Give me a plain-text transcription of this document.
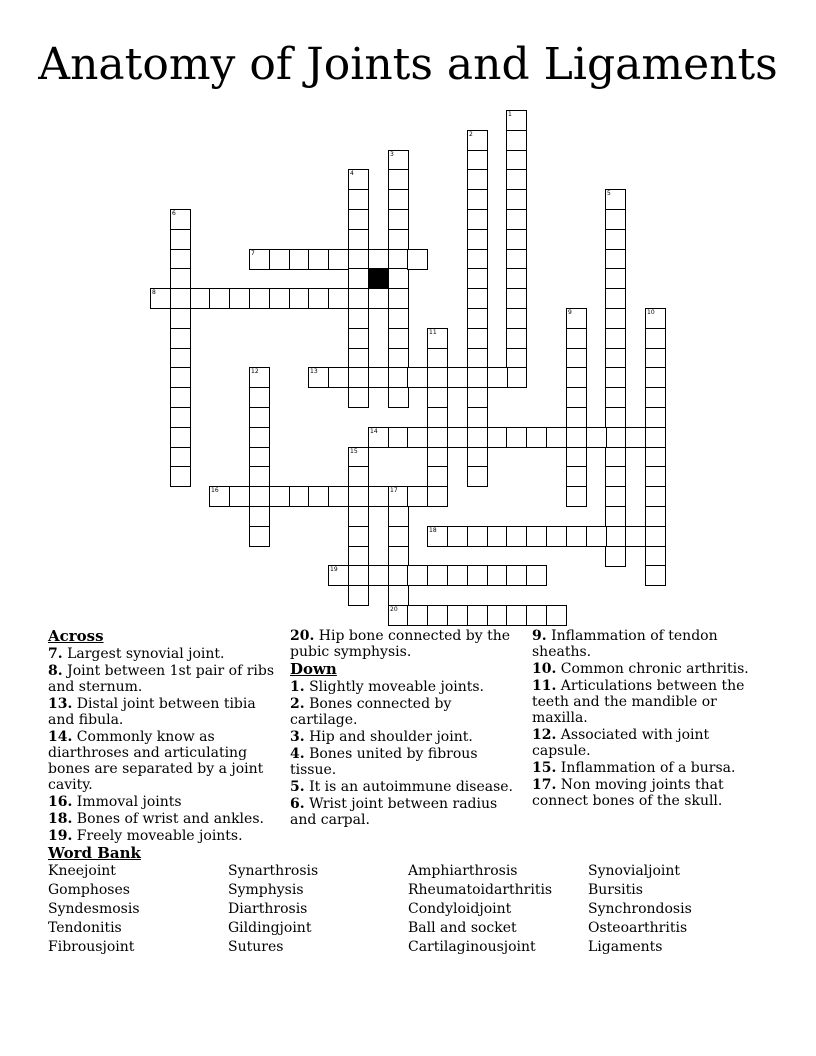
Anatomy of Joints and Ligaments
1
2
3
4
5
6
7
8
9	10
11
12	13
14
15
16	17
18
19
20
Across
7. Largest synovial joint.
8. Joint between 1st pair of ribs and sternum.
13. Distal joint between tibia and fibula.
14. Commonly know as diarthroses and articulating bones are separated by a joint cavity.
16. Immoval joints
18. Bones of wrist and ankles.
19. Freely moveable joints.
20. Hip bone connected by the pubic symphysis.
Down
1. Slightly moveable joints.
2. Bones connected by cartilage.
3. Hip and shoulder joint.
4. Bones united by fibrous tissue.
5. It is an autoimmune disease.
6. Wrist joint between radius and carpal.
9. Inflammation of tendon sheaths.
10. Common chronic arthritis.
11. Articulations between the teeth and the mandible or maxilla.
12. Associated with joint capsule.
15. Inflammation of a bursa.
17. Non moving joints that connect bones of the skull.
Word Bank
Kneejoint	Synarthrosis	Amphiarthrosis	Synovialjoint
Gomphoses	Symphysis	Rheumatoidarthritis	Bursitis
Syndesmosis	Diarthrosis	Condyloidjoint	Synchrondosis
Tendonitis	Gildingjoint	Ball and socket	Osteoarthritis
Fibrousjoint	Sutures	Cartilaginousjoint	Ligaments
